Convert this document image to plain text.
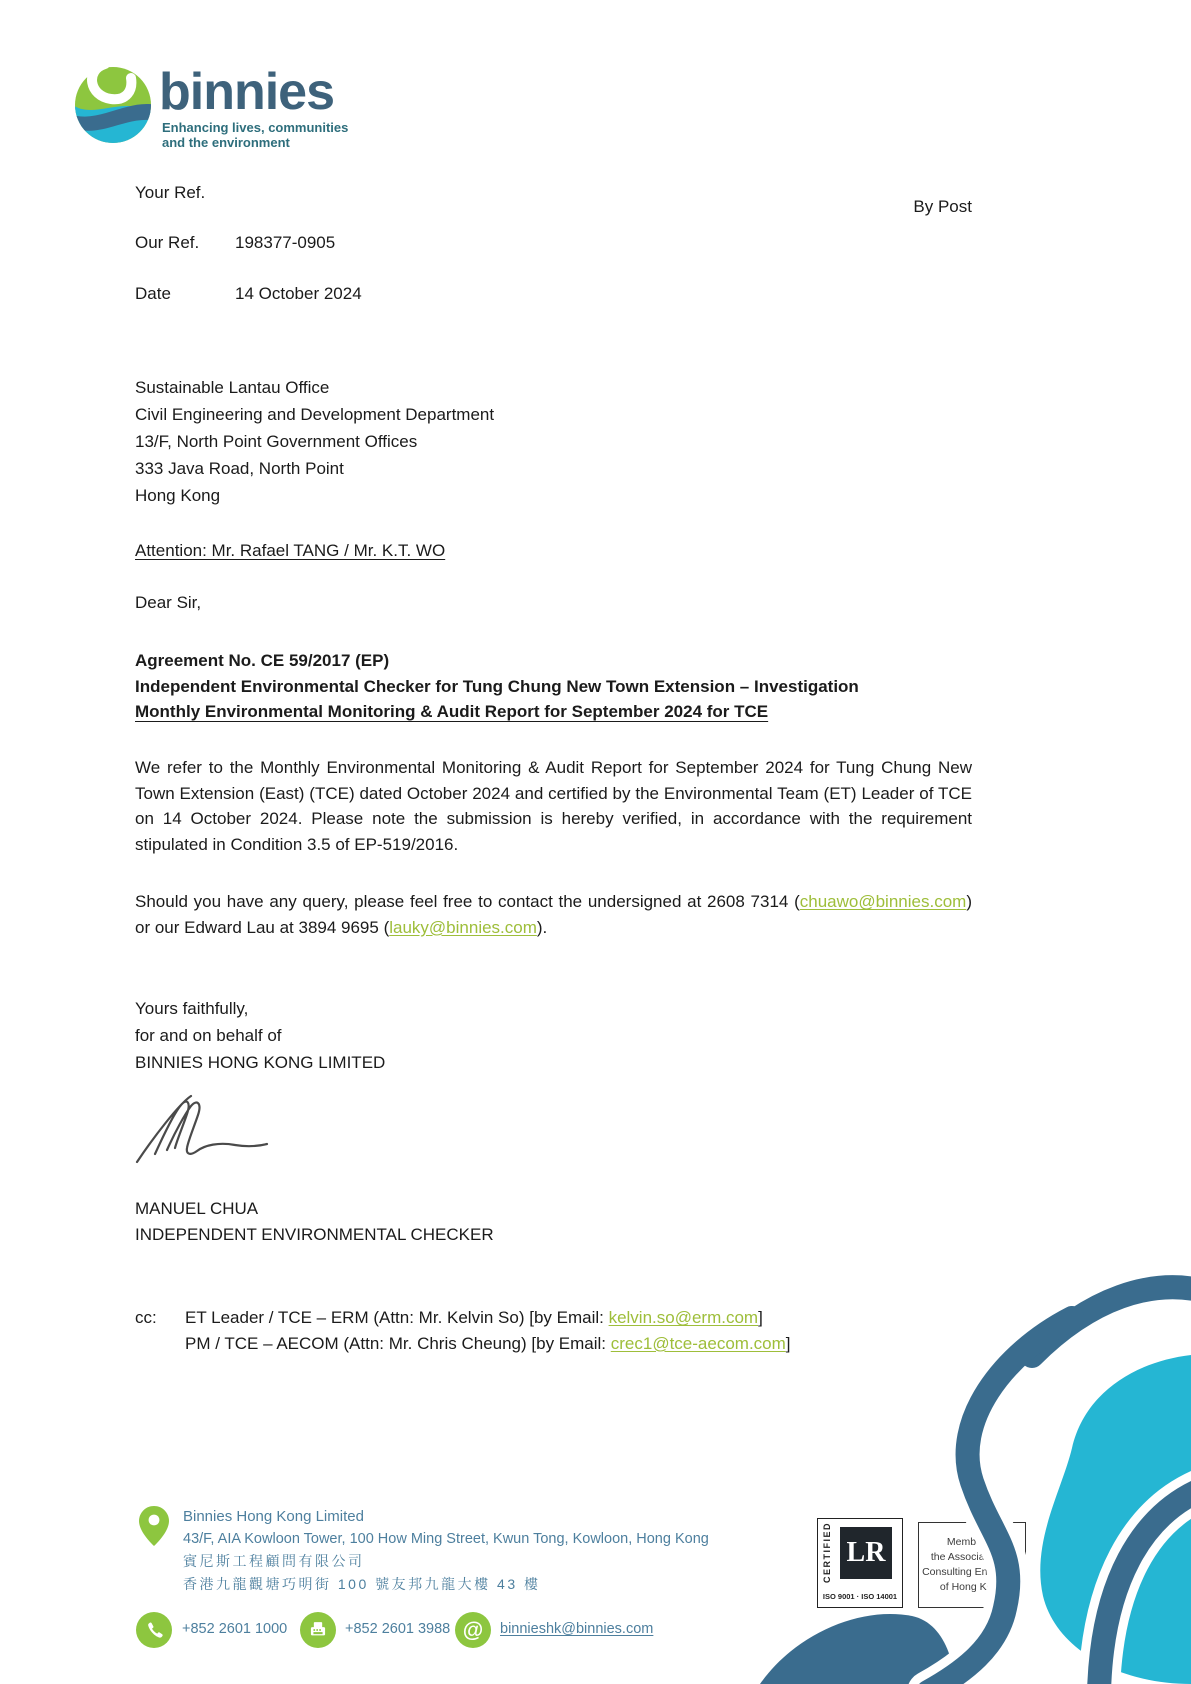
binnies
Enhancing lives, communities
and the environment
Your Ref.
By Post
Our Ref. 198377-0905
Date	14 October 2024
Sustainable Lantau Office
Civil Engineering and Development Department
13/F, North Point Government Offices
333 Java Road, North Point
Hong Kong
Attention: Mr. Rafael TANG / Mr. K.T. WO
Dear Sir,
Agreement No. CE 59/2017 (EP)
Independent Environmental Checker for Tung Chung New Town Extension – Investigation
Monthly Environmental Monitoring & Audit Report for September 2024 for TCE

We refer to the Monthly Environmental Monitoring & Audit Report for September 2024 for Tung Chung New Town Extension (East) (TCE) dated October 2024 and certified by the Environmental Team (ET) Leader of TCE on 14 October 2024. Please note the submission is hereby verified, in accordance with the requirement stipulated in Condition 3.5 of EP-519/2016.

Should you have any query, please feel free to contact the undersigned at 2608 7314 (chuawo@binnies.com) or our Edward Lau at 3894 9695 (lauky@binnies.com).

Yours faithfully,
for and on behalf of
BINNIES HONG KONG LIMITED
MANUEL CHUA
INDEPENDENT ENVIRONMENTAL CHECKER
cc: ET Leader / TCE – ERM (Attn: Mr. Kelvin So) [by Email: kelvin.so@erm.com]
PM / TCE – AECOM (Attn: Mr. Chris Cheung) [by Email: crec1@tce-aecom.com]
Binnies Hong Kong Limited
43/F, AIA Kowloon Tower, 100 How Ming Street, Kwun Tong, Kowloon, Hong Kong
賓尼斯工程顧問有限公司
香港九龍觀塘巧明街 100 號友邦九龍大樓 43 樓
+852 2601 1000	+852 2601 3988 @ binnieshk@binnies.com
CERTIFIED LR
ISO 9001 · ISO 14001
Member of
the Association of
Consulting Engineers
of Hong Kong
